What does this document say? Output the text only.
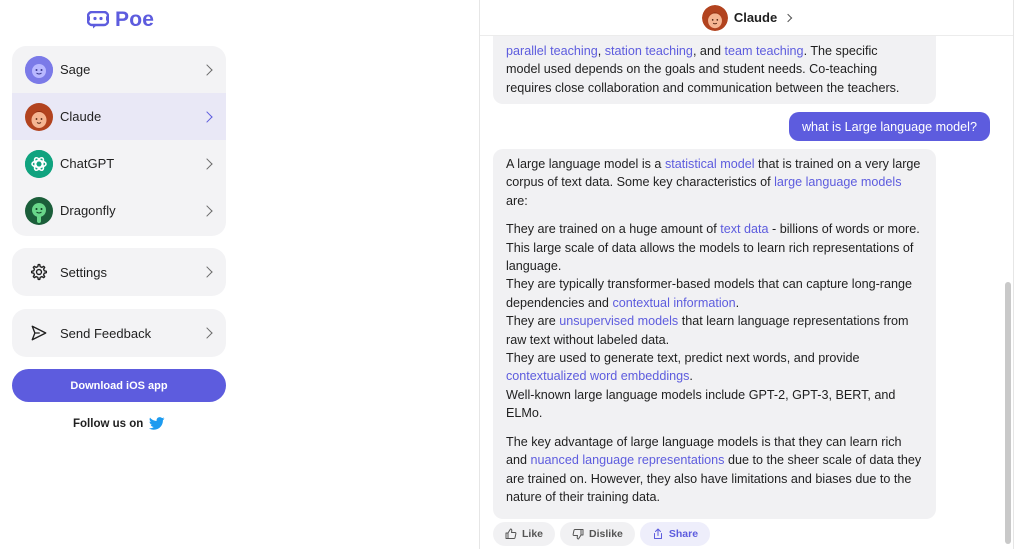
Poe
Sage
Claude
ChatGPT
Dragonfly
Settings
Send Feedback
Download iOS app
Follow us on
Claude

parallel teaching, station teaching, and team teaching. The specific

model used depends on the goals and student needs. Co-teaching

requires close collaboration and communication between the teachers.

what is Large language model?

A large language model is a statistical model that is trained on a very large corpus of text data. Some key characteristics of large language models are:

They are trained on a huge amount of text data - billions of words or more. This large scale of data allows the models to learn rich representations of language.

They are typically transformer-based models that can capture long-range dependencies and contextual information.

They are unsupervised models that learn language representations from raw text without labeled data.

They are used to generate text, predict next words, and provide contextualized word embeddings.

Well-known large language models include GPT-2, GPT-3, BERT, and ELMo.

The key advantage of large language models is that they can learn rich and nuanced language representations due to the sheer scale of data they are trained on. However, they also have limitations and biases due to the nature of their training data.

Like	Dislike	Share
